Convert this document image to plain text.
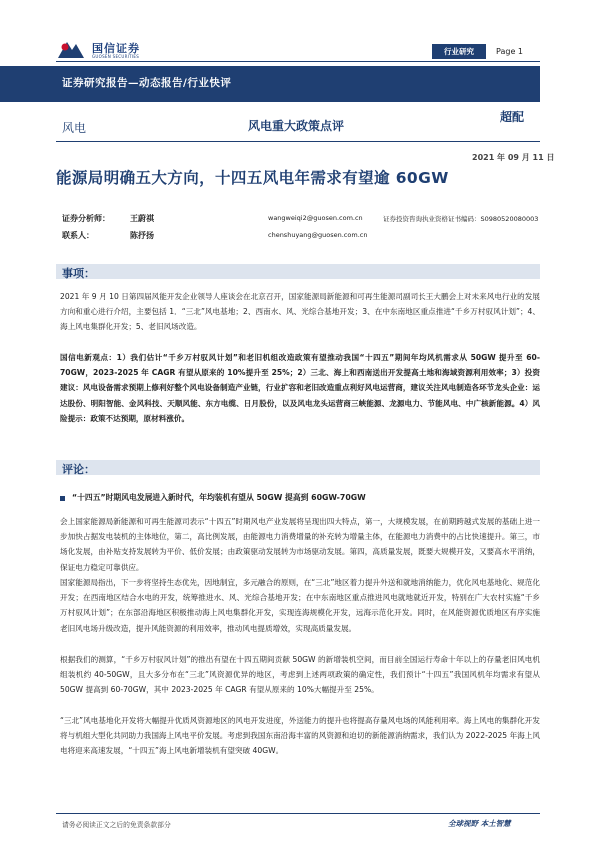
国信证券
GUOSEN SECURITIES
行业研究	Page 1
证券研究报告—动态报告/行业快评
风电	风电重大政策点评
超配
2021 年 09 月 11 日
能源局明确五大方向，十四五风电年需求有望逾 60GW
证券分析师：	王蔚祺	wangweiqi2@guosen.com.cn	证券投资咨询执业资格证书编码：S0980520080003
联系人：	陈抒扬	chenshuyang@guosen.com.cn
事项：
2021 年 9 月 10 日第四届风能开发企业领导人座谈会在北京召开，国家能源局新能源和可再生能源司副司长王大鹏会上对未来风电行业的发展方向和重心进行介绍，主要包括 1．“三北”风电基地；2、西南水、风、光综合基地开发；3、在中东南地区重点推进“千乡万村驭风计划”；4、海上风电集群化开发；5、老旧风场改造。
国信电新观点：1）我们估计“千乡万村驭风计划”和老旧机组改造政策有望推动我国“十四五”期间年均风机需求从 50GW 提升至 60-70GW，2023-2025 年 CAGR 有望从原来的 10%提升至 25%；2）三北、海上和西南送出开发提高土地和海域资源利用效率；3）投资建议：风电设备需求预期上修利好整个风电设备制造产业链，行业扩容和老旧改造重点利好风电运营商，建议关注风电制造各环节龙头企业：运达股份、明阳智能、金风科技、天顺风能、东方电缆、日月股份，以及风电龙头运营商三峡能源、龙源电力、节能风电、中广核新能源。4）风险提示：政策不达预期，原材料涨价。
评论：
“十四五”时期风电发展进入新时代，年均装机有望从 50GW 提高到 60GW-70GW
会上国家能源局新能源和可再生能源司表示“十四五”时期风电产业发展将呈现出四大特点，第一，大规模发展，在前期跨越式发展的基础上进一步加快占据发电装机的主体地位，第二，高比例发展，由能源电力消费增量的补充转为增量主体，在能源电力消费中的占比快速提升。第三，市场化发展，由补贴支持发展转为平价、低价发展；由政策驱动发展转为市场驱动发展。第四，高质量发展，既要大规模开发，又要高水平消纳，保证电力稳定可靠供应。
国家能源局指出，下一步将坚持生态优先，因地制宜，多元融合的原则，在“三北”地区着力提升外送和就地消纳能力，优化风电基地化、规范化开发；在西南地区结合水电的开发，统筹推进水、风、光综合基地开发；在中东南地区重点推进风电就地就近开发，特别在广大农村实施“千乡万村驭风计划”；在东部沿海地区积极推动海上风电集群化开发，实现连海规模化开发，远海示范化开发。同时，在风能资源优质地区有序实施老旧风电场升级改造，提升风能资源的利用效率，推动风电提质增效，实现高质量发展。
根据我们的测算，“千乡万村驭风计划”的推出有望在十四五期间贡献 50GW 的新增装机空间，而目前全国运行寿命十年以上的存量老旧风电机组装机约 40-50GW，且大多分布在“三北”风资源优异的地区，考虑到上述两项政策的确定性，我们预计“十四五”我国风机年均需求有望从 50GW 提高到 60-70GW，其中 2023-2025 年 CAGR 有望从原来的 10%大幅提升至 25%。
“三北”风电基地化开发将大幅提升优质风资源地区的风电开发进度，外送能力的提升也将提高存量风电场的风能利用率。海上风电的集群化开发将与机组大型化共同助力我国海上风电平价发展。考虑到我国东南沿海丰富的风资源和迫切的新能源消纳需求，我们认为 2022-2025 年海上风电将迎来高速发展，“十四五”海上风电新增装机有望突破 40GW。
请务必阅读正文之后的免责条款部分	全球视野 本土智慧
